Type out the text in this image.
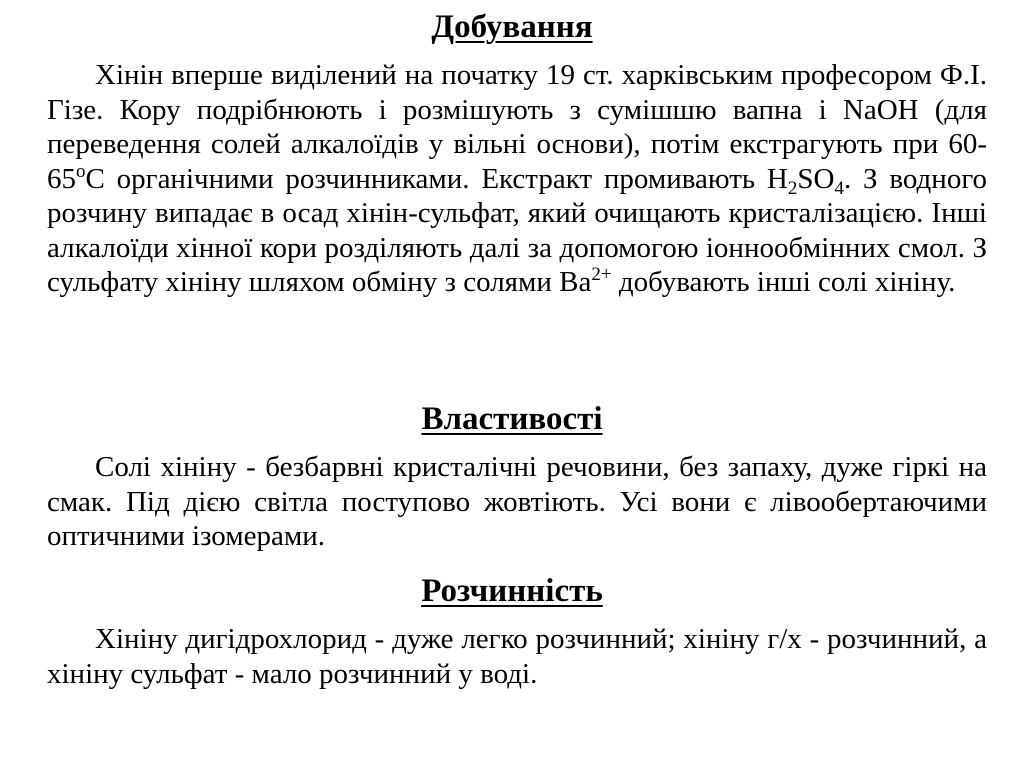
Добування

Хінін вперше виділений на початку 19 ст. харківським професором Ф.І. Гізе. Кору подрібнюють і розмішують з сумішшю вапна і NaOH (для переведення солей алкалоїдів у вільні основи), потім екстрагують при $60-65^оС$ органічними розчинниками. Екстракт промивають $Н_2SO_4$. З водного розчину випадає в осад хінін-сульфат, який очищають кристалізацією. Інші алкалоїди хінної кори розділяють далі за допомогою іоннообмінних смол. З сульфату хініну шляхом обміну з солями $Ва^{2+}$ добувають інші солі хініну.

Властивості

Солі хініну - безбарвні кристалічні речовини, без запаху, дуже гіркі на смак. Під дією світла поступово жовтіють. Усі вони є лівообертаючими оптичними ізомерами.

Розчинність

Хініну дигідрохлорид - дуже легко розчинний; хініну г/х - розчинний, а хініну сульфат - мало розчинний у воді.
